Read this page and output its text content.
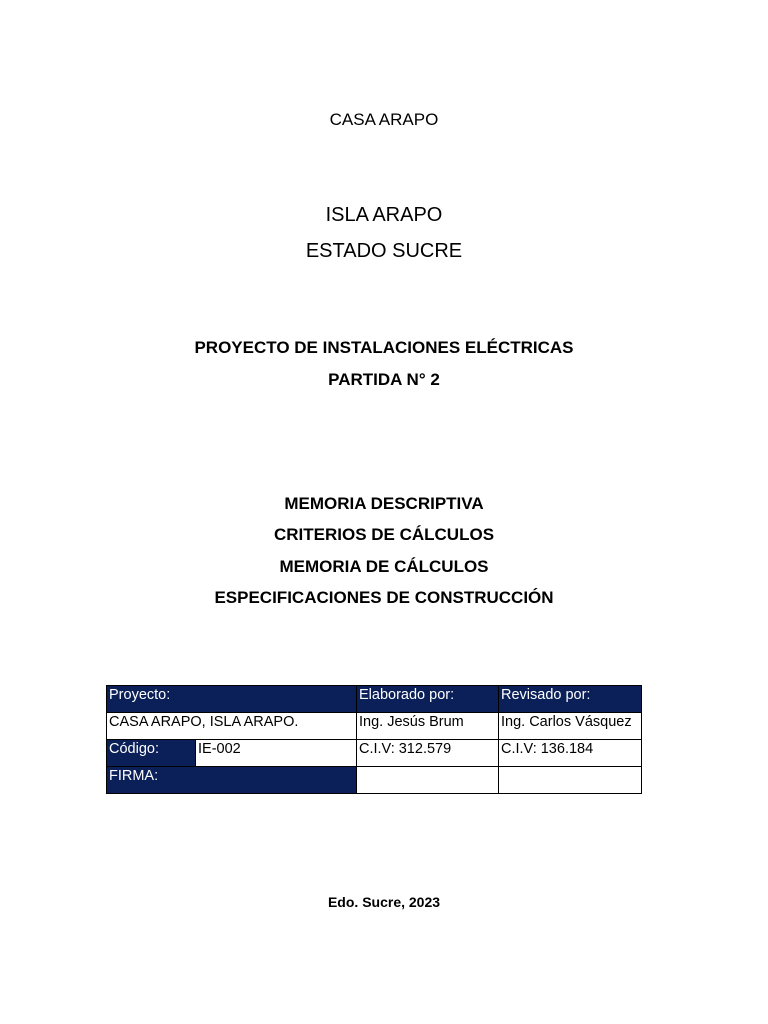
CASA ARAPO
ISLA ARAPO
ESTADO SUCRE
PROYECTO DE INSTALACIONES ELÉCTRICAS
PARTIDA N° 2
MEMORIA DESCRIPTIVA
CRITERIOS DE CÁLCULOS
MEMORIA DE CÁLCULOS
ESPECIFICACIONES DE CONSTRUCCIÓN
Proyecto:		Elaborado por:	Revisado por:
CASA ARAPO, ISLA ARAPO.		Ing. Jesús Brum	Ing. Carlos Vásquez
Código:	IE-002	C.I.V: 312.579	C.I.V: 136.184
FIRMA:			
Edo. Sucre, 2023
